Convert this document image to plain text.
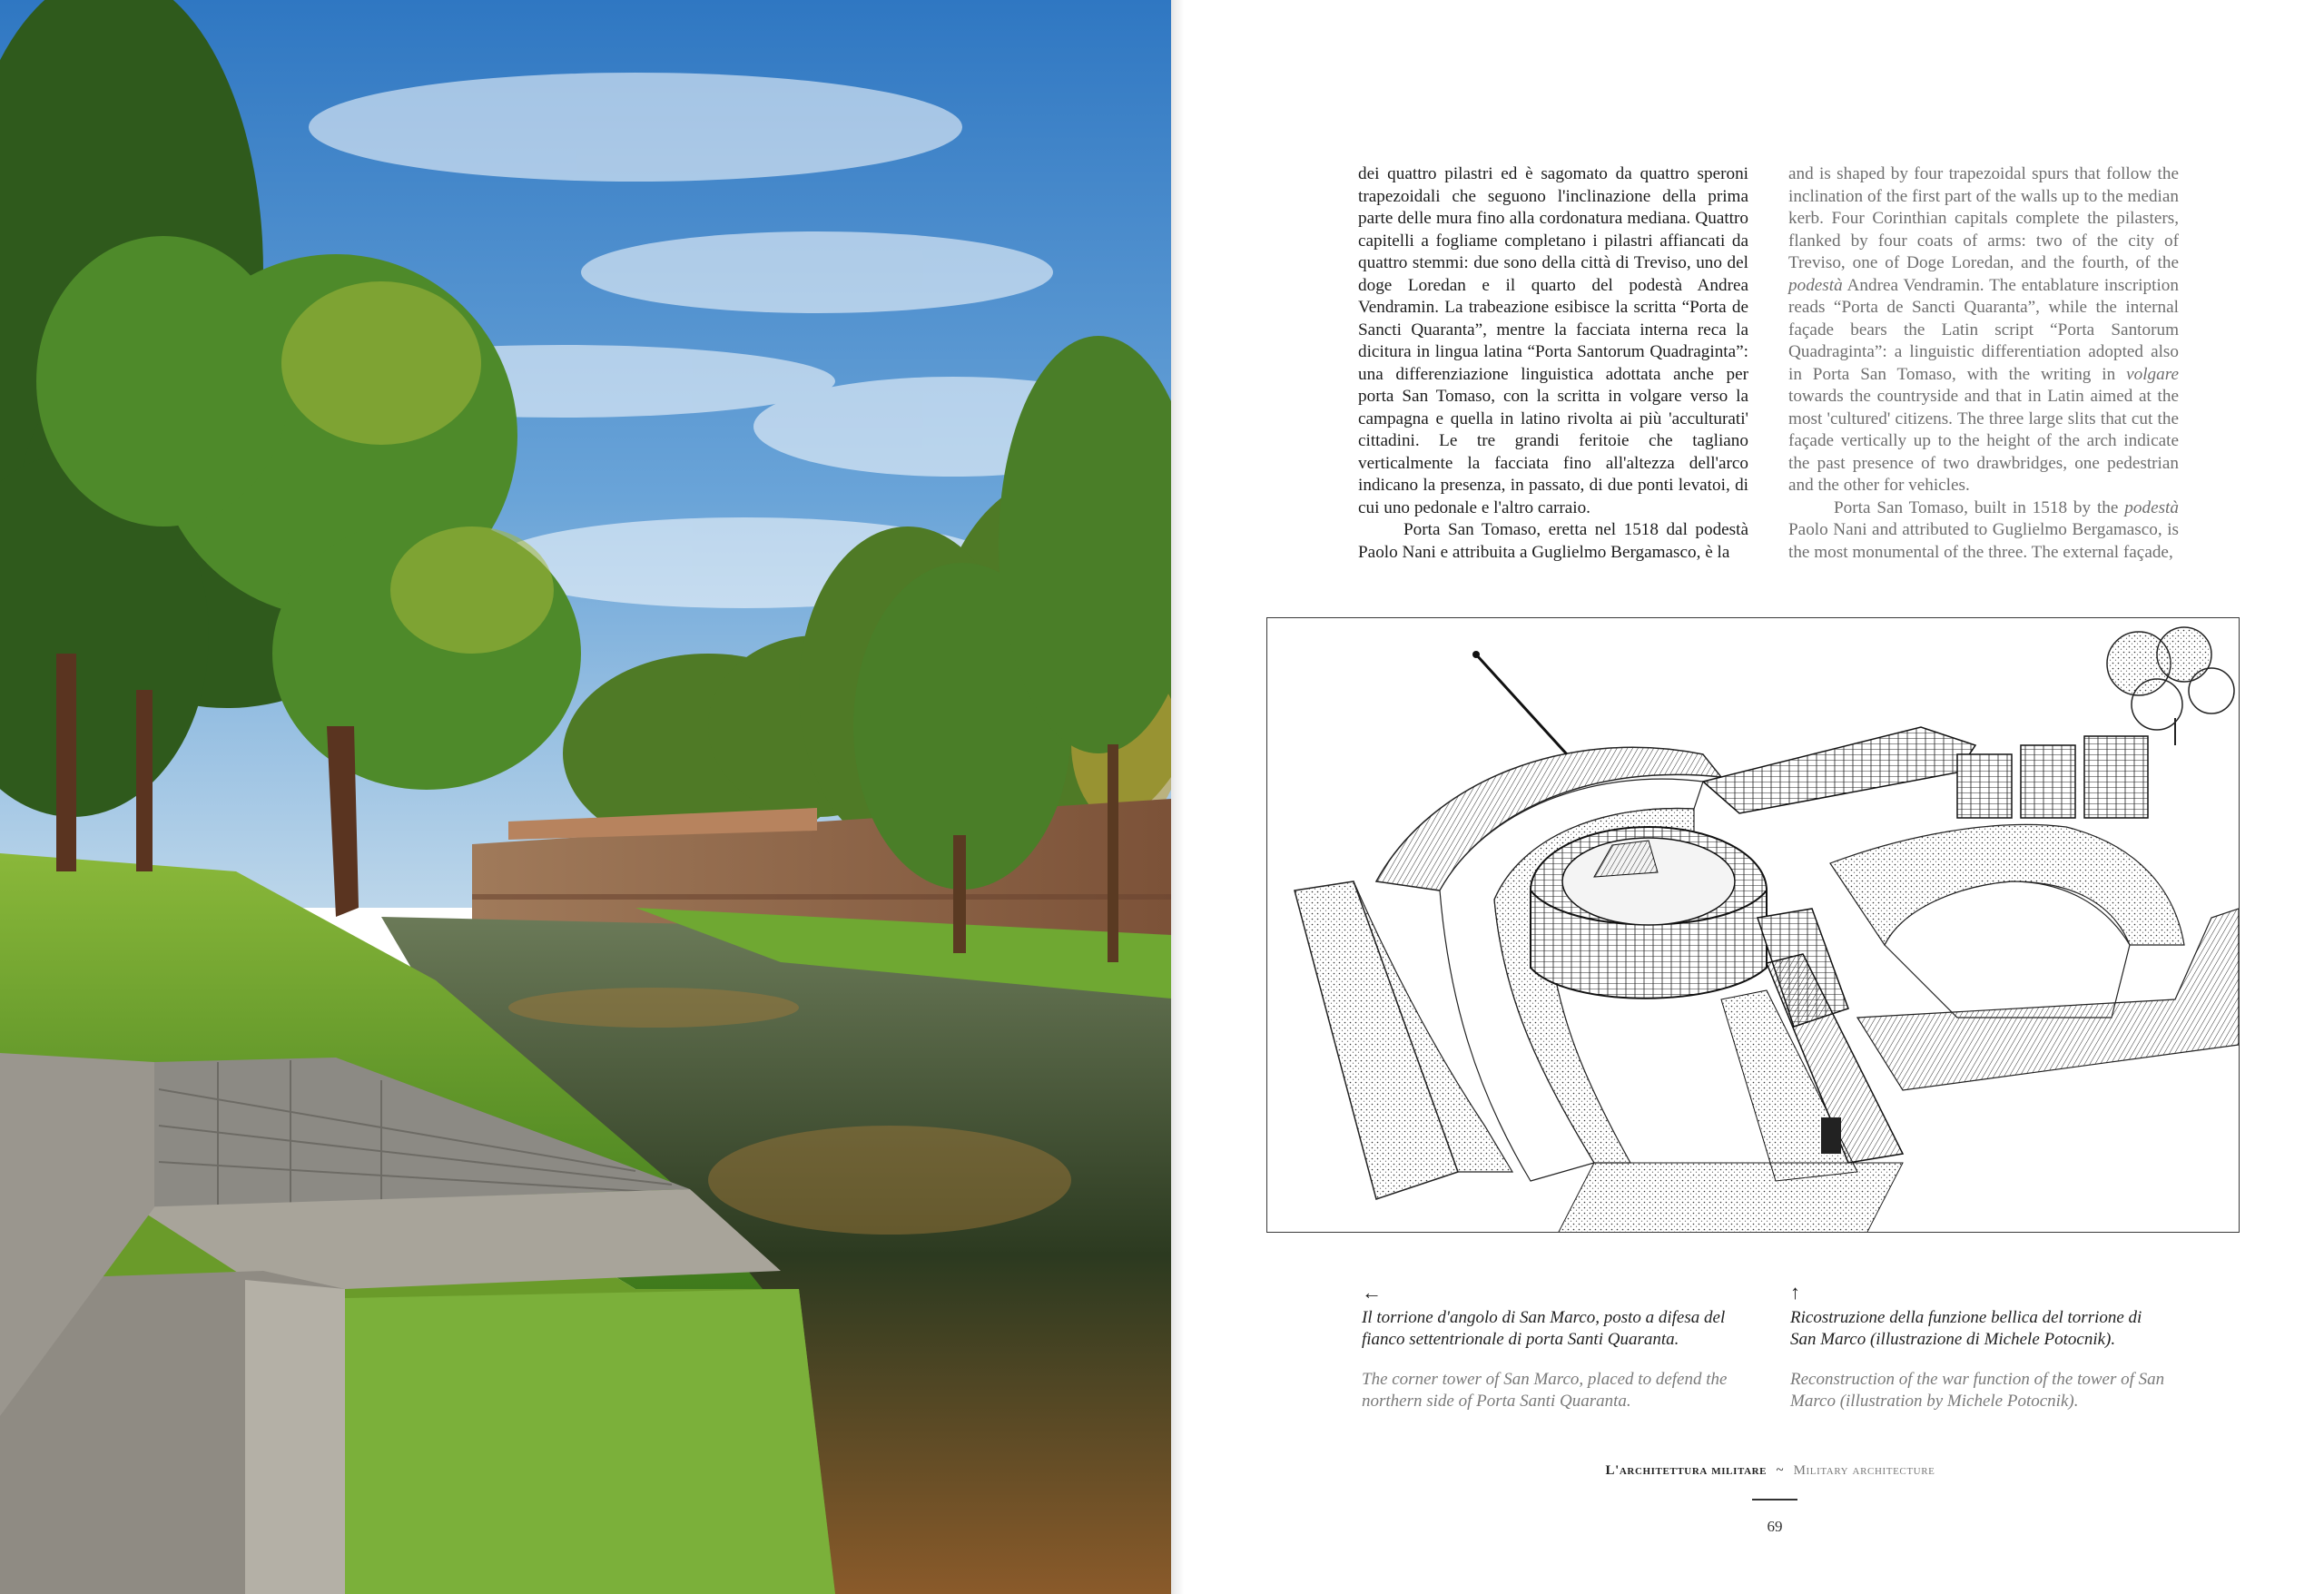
dei quattro pilastri ed è sagomato da quattro speroni trapezoidali che seguono l'inclinazione della prima parte delle mura fino alla cordonatura mediana. Quattro capitelli a fogliame completano i pilastri affiancati da quattro stemmi: due sono della città di Treviso, uno del doge Loredan e il quarto del podestà Andrea Vendramin. La trabeazione esibisce la scritta “Porta de Sancti Quaranta”, mentre la facciata interna reca la dicitura in lingua latina “Porta Santorum Quadraginta”: una differenziazione linguistica adottata anche per porta San Tomaso, con la scritta in volgare verso la campagna e quella in latino rivolta ai più 'acculturati' cittadini. Le tre grandi feritoie che tagliano verticalmente la facciata fino all'altezza dell'arco indicano la presenza, in passato, di due ponti levatoi, di cui uno pedonale e l'altro carraio.

Porta San Tomaso, eretta nel 1518 dal podestà Paolo Nani e attribuita a Guglielmo Bergamasco, è la

and is shaped by four trapezoidal spurs that follow the inclination of the first part of the walls up to the median kerb. Four Corinthian capitals complete the pilasters, flanked by four coats of arms: two of the city of Treviso, one of Doge Loredan, and the fourth, of the podestà Andrea Vendramin. The entablature inscription reads “Porta de Sancti Quaranta”, while the internal façade bears the Latin script “Porta Santorum Quadraginta”: a linguistic differentiation adopted also in Porta San Tomaso, with the writing in volgare towards the countryside and that in Latin aimed at the most 'cultured' citizens. The three large slits that cut the façade vertically up to the height of the arch indicate the past presence of two drawbridges, one pedestrian and the other for vehicles.

Porta San Tomaso, built in 1518 by the podestà Paolo Nani and attributed to Guglielmo Bergamasco, is the most monumental of the three. The external façade,

←

Il torrione d'angolo di San Marco, posto a difesa del fianco settentrionale di porta Santi Quaranta.

The corner tower of San Marco, placed to defend the northern side of Porta Santi Quaranta.

↑

Ricostruzione della funzione bellica del torrione di San Marco (illustrazione di Michele Potocnik).

Reconstruction of the war function of the tower of San Marco (illustration by Michele Potocnik).

L'architettura militare ~ Military architecture
69
